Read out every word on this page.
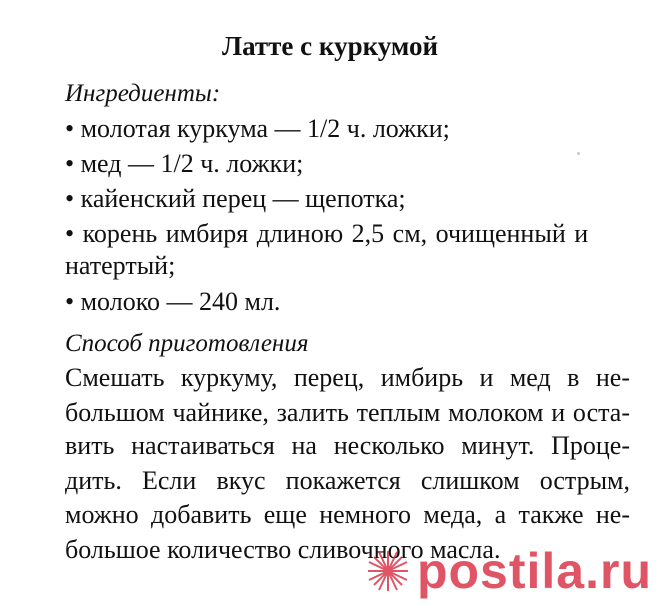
Латте с куркумой
Ингредиенты:
• молотая куркума — 1/2 ч. ложки;
• мед — 1/2 ч. ложки;
• кайенский перец — щепотка;
• корень имбиря длиною 2,5 см, очищенный и
натертый;
• молоко — 240 мл.
Способ приготовления
Смешать куркуму, перец, имбирь и мед в не-
большом чайнике, залить теплым молоком и оста-
вить настаиваться на несколько минут. Проце-
дить. Если вкус покажется слишком острым,
можно добавить еще немного меда, а также не-
большое количество сливочного масла.
postila.ru
